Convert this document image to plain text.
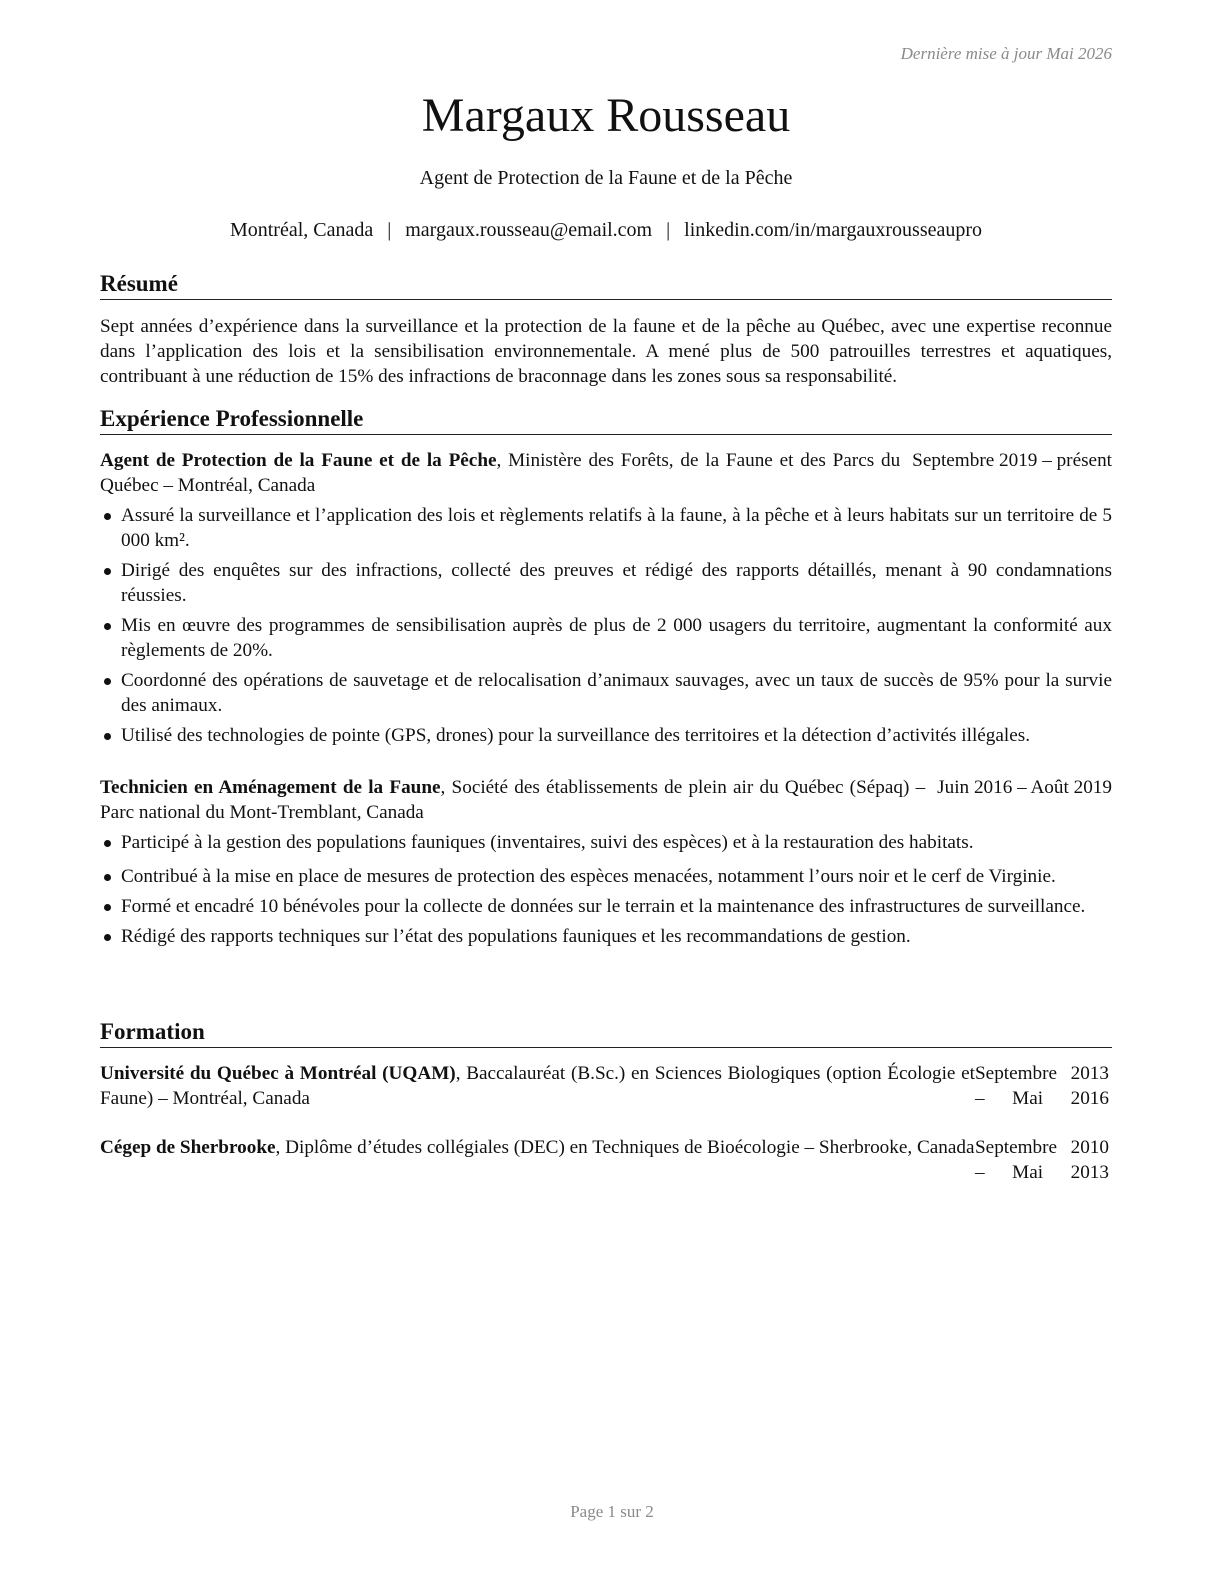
Dernière mise à jour Mai 2026
Margaux Rousseau
Agent de Protection de la Faune et de la Pêche
Montréal, Canada | margaux.rousseau@email.com | linkedin.com/in/margauxrousseaupro
Résumé
Sept années d’expérience dans la surveillance et la protection de la faune et de la pêche au Québec, avec une expertise reconnue dans l’application des lois et la sensibilisation environnementale. A mené plus de 500 patrouilles terrestres et aquatiques, contribuant à une réduction de 15% des infractions de braconnage dans les zones sous sa responsabilité.
Expérience Professionnelle
Septembre 2019 – présent
Agent de Protection de la Faune et de la Pêche, Ministère des Forêts, de la Faune et des Parcs du Québec – Montréal, Canada
Assuré la surveillance et l’application des lois et règlements relatifs à la faune, à la pêche et à leurs habitats sur un territoire de 5 000 km².
Dirigé des enquêtes sur des infractions, collecté des preuves et rédigé des rapports détaillés, menant à 90 condamnations réussies.
Mis en œuvre des programmes de sensibilisation auprès de plus de 2 000 usagers du territoire, augmentant la conformité aux règlements de 20%.
Coordonné des opérations de sauvetage et de relocalisation d’animaux sauvages, avec un taux de succès de 95% pour la survie des animaux.
Utilisé des technologies de pointe (GPS, drones) pour la surveillance des territoires et la détection d’activités illégales.
Juin 2016 – Août 2019
Technicien en Aménagement de la Faune, Société des établissements de plein air du Québec (Sépaq) – Parc national du Mont-Tremblant, Canada
Participé à la gestion des populations fauniques (inventaires, suivi des espèces) et à la restauration des habitats.
Contribué à la mise en place de mesures de protection des espèces menacées, notamment l’ours noir et le cerf de Virginie.
Formé et encadré 10 bénévoles pour la collecte de données sur le terrain et la maintenance des infrastructures de surveillance.
Rédigé des rapports techniques sur l’état des populations fauniques et les recommandations de gestion.
Formation
Université du Québec à Montréal (UQAM), Baccalauréat (B.Sc.) en Sciences Biologiques (option Écologie et Faune) – Montréal, CanadaSeptembre 2013 – Mai 2016
Cégep de Sherbrooke, Diplôme d’études collégiales (DEC) en Techniques de Bioécologie – Sherbrooke, CanadaSeptembre 2010 – Mai 2013
Page 1 sur 2
